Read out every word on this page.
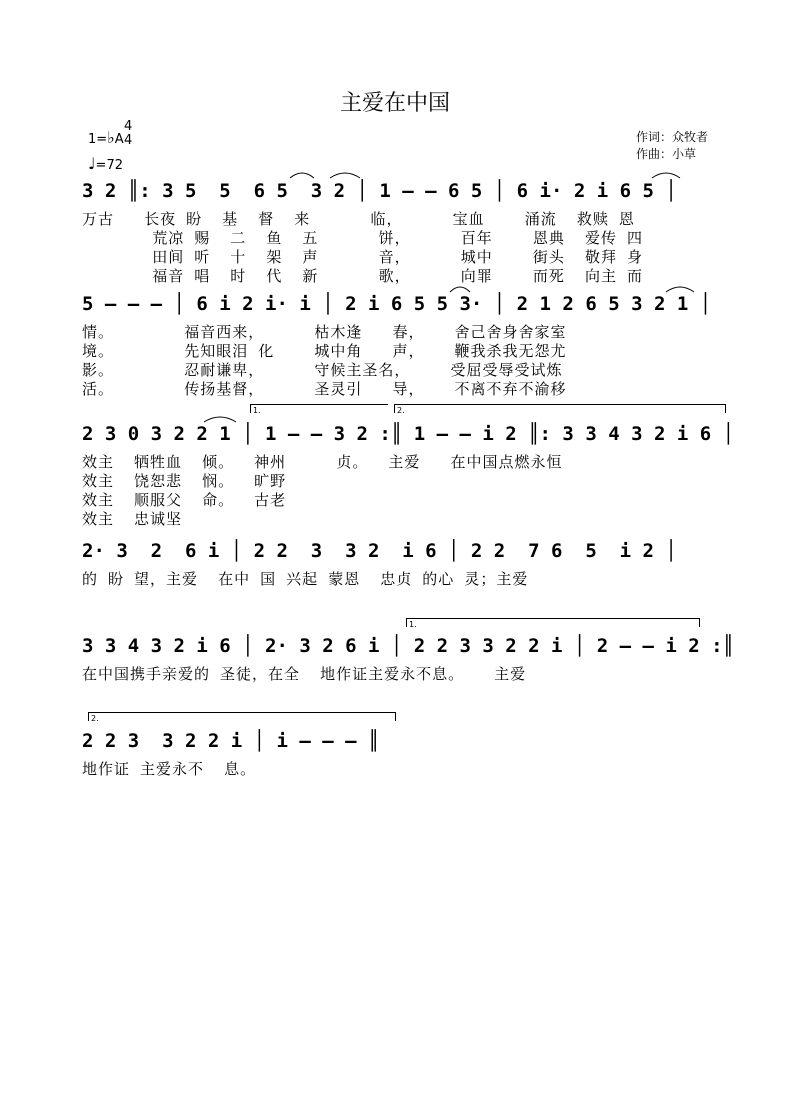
主爱在中国
1=♭A
4
4
♩=72
作词：众牧者
作曲：小草
3 2 ║: 3 5  5  6 5  3 2 │ 1 — — 6 5 │ 6 i· 2 i 6 5 │
万古   长夜 盼  基  督  来      临，     宝血    涌流  救赎 恩
荒凉 赐  二  鱼  五      饼，     百年    恩典  爱传 四
田间 听  十  架  声      音，     城中    街头  敬拜 身
福音 唱  时  代  新      歌，     向罪    而死  向主 而
5 — — — │ 6 i 2 i· i │ 2 i 6 5 5 3· │ 2 1 2 6 5 3 2 1 │
情。       福音西来，     枯木逢   春，   舍己舍身舍家室
境。       先知眼泪 化    城中角   声，   鞭我杀我无怨尤
影。       忍耐谦卑，     守候主圣名，    受屈受辱受试炼
活。       传扬基督，     圣灵引   导，   不离不弃不渝移
1.	2.
2 3 0 3 2 2 1 │ 1 — — 3 2 :║ 1 — — i 2 ║: 3 3 4 3 2 i 6 │
效主  牺牲血  倾。  神州     贞。  主爱   在中国点燃永恒
效主  饶恕悲  悯。  旷野
效主  顺服父  命。  古老
效主  忠诚坚
2· 3  2  6 i │ 2 2  3  3 2  i 6 │ 2 2  7 6  5  i 2 │
的 盼 望，主爱  在中 国 兴起 蒙恩  忠贞 的心 灵；主爱
1.
3 3 4 3 2 i 6 │ 2· 3 2 6 i │ 2 2 3 3 2 2 i │ 2 — — i 2 :║
在中国携手亲爱的 圣徒，在全  地作证主爱永不息。   主爱
2.
2 2 3  3 2 2 i │ i — — — ║
地作证 主爱永不  息。
